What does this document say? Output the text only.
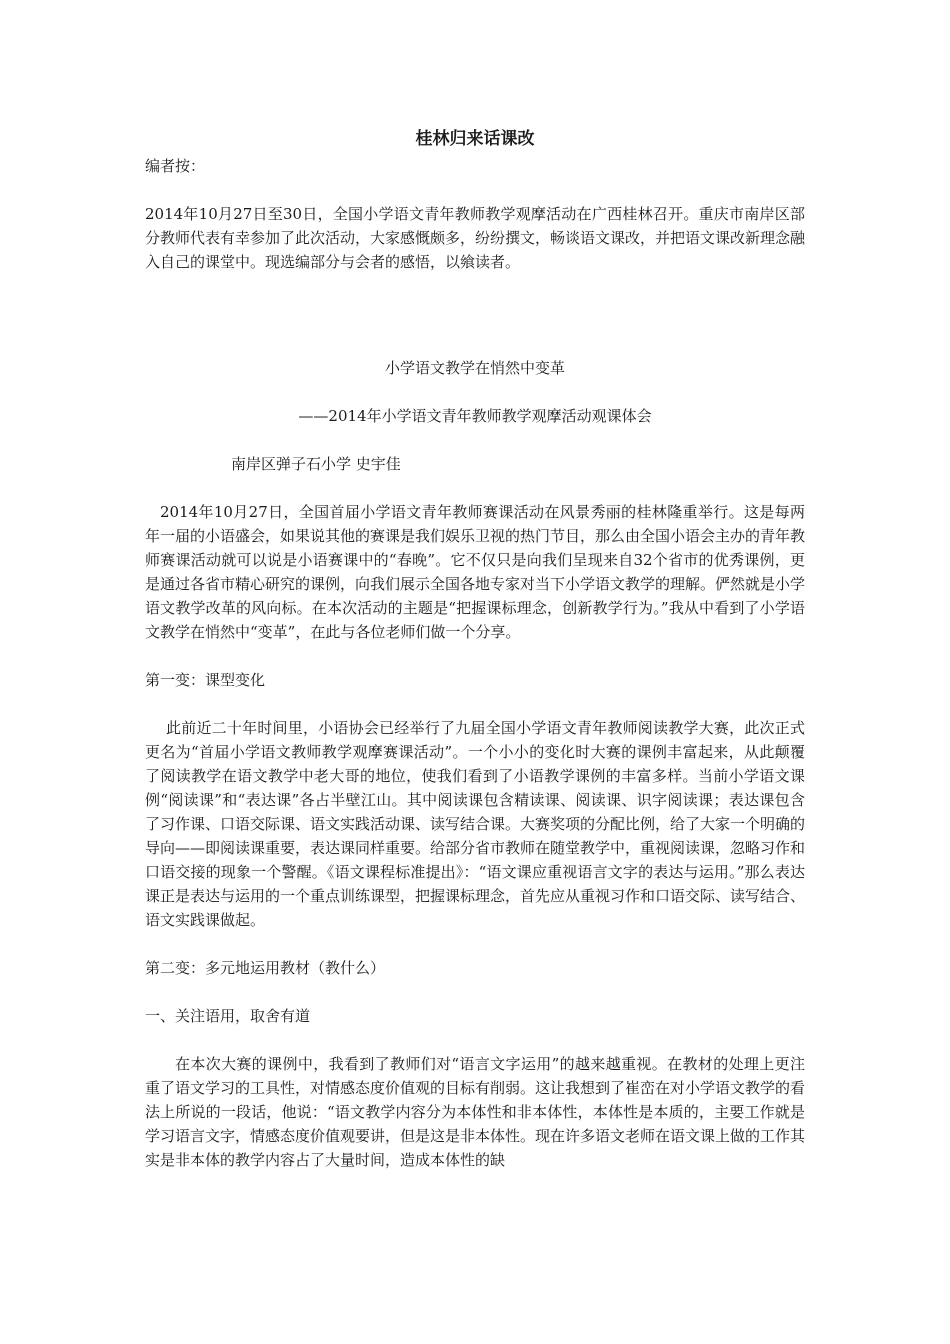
桂林归来话课改

编者按：

2014年10月27日至30日，全国小学语文青年教师教学观摩活动在广西桂林召开。重庆市南岸区部分教师代表有幸参加了此次活动，大家感慨颇多，纷纷撰文，畅谈语文课改，并把语文课改新理念融入自己的课堂中。现选编部分与会者的感悟，以飨读者。

小学语文教学在悄然中变革

——2014年小学语文青年教师教学观摩活动观课体会

南岸区弹子石小学 史宇佳

2014年10月27日，全国首届小学语文青年教师赛课活动在风景秀丽的桂林隆重举行。这是每两年一届的小语盛会，如果说其他的赛课是我们娱乐卫视的热门节目，那么由全国小语会主办的青年教师赛课活动就可以说是小语赛课中的“春晚”。它不仅只是向我们呈现来自32个省市的优秀课例，更是通过各省市精心研究的课例，向我们展示全国各地专家对当下小学语文教学的理解。俨然就是小学语文教学改革的风向标。在本次活动的主题是“把握课标理念，创新教学行为。”我从中看到了小学语文教学在悄然中“变革”，在此与各位老师们做一个分享。

第一变：课型变化

此前近二十年时间里，小语协会已经举行了九届全国小学语文青年教师阅读教学大赛，此次正式更名为“首届小学语文教师教学观摩赛课活动”。一个小小的变化时大赛的课例丰富起来，从此颠覆了阅读教学在语文教学中老大哥的地位，使我们看到了小语教学课例的丰富多样。当前小学语文课例“阅读课”和“表达课”各占半壁江山。其中阅读课包含精读课、阅读课、识字阅读课；表达课包含了习作课、口语交际课、语文实践活动课、读写结合课。大赛奖项的分配比例，给了大家一个明确的导向——即阅读课重要，表达课同样重要。给部分省市教师在随堂教学中，重视阅读课，忽略习作和口语交接的现象一个警醒。《语文课程标准提出》：“语文课应重视语言文字的表达与运用。”那么表达课正是表达与运用的一个重点训练课型，把握课标理念，首先应从重视习作和口语交际、读写结合、语文实践课做起。

第二变：多元地运用教材（教什么）

一、关注语用，取舍有道

在本次大赛的课例中，我看到了教师们对“语言文字运用”的越来越重视。在教材的处理上更注重了语文学习的工具性，对情感态度价值观的目标有削弱。这让我想到了崔峦在对小学语文教学的看法上所说的一段话，他说：“语文教学内容分为本体性和非本体性，本体性是本质的，主要工作就是学习语言文字，情感态度价值观要讲，但是这是非本体性。现在许多语文老师在语文课上做的工作其实是非本体的教学内容占了大量时间，造成本体性的缺
